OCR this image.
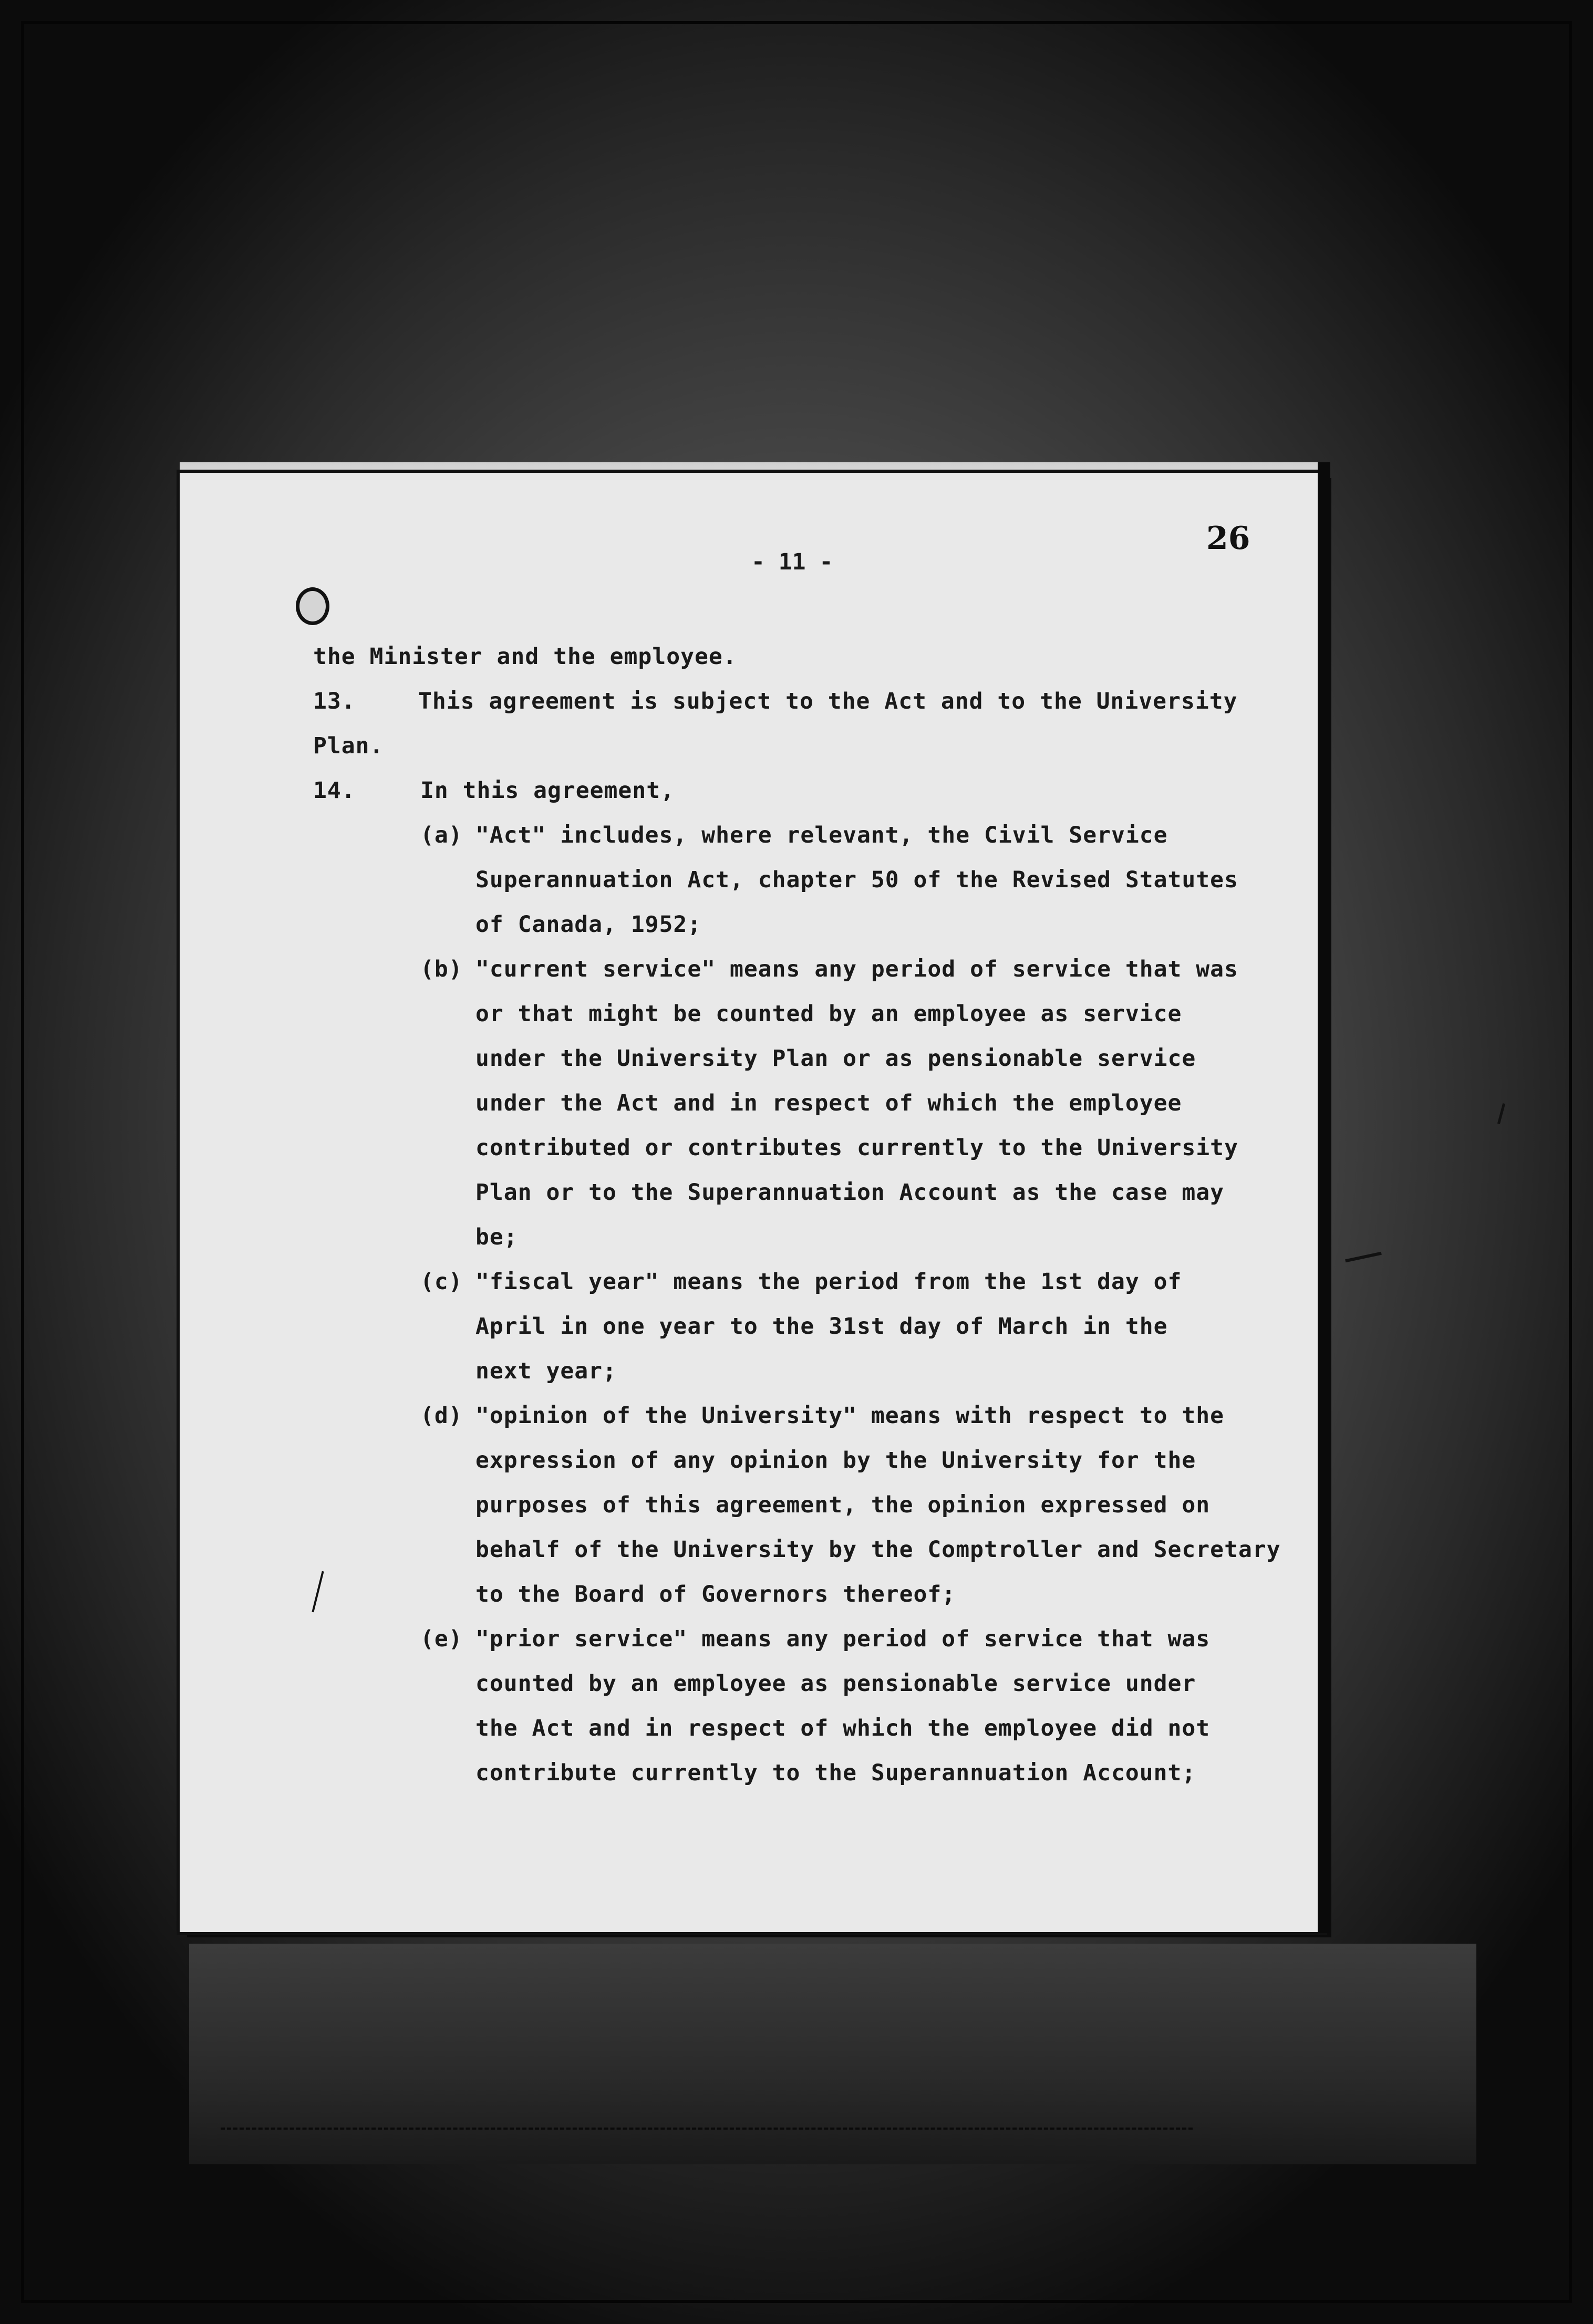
26
- 11 -
the Minister and the employee.
13.	This agreement is subject to the Act and to the University
Plan.
14.	In this agreement,
(a) "Act" includes, where relevant, the Civil Service
Superannuation Act, chapter 50 of the Revised Statutes
of Canada, 1952;
(b) "current service" means any period of service that was
or that might be counted by an employee as service
under the University Plan or as pensionable service
under the Act and in respect of which the employee
contributed or contributes currently to the University
Plan or to the Superannuation Account as the case may
be;
(c) "fiscal year" means the period from the 1st day of
April in one year to the 31st day of March in the
next year;
(d) "opinion of the University" means with respect to the
expression of any opinion by the University for the
purposes of this agreement, the opinion expressed on
behalf of the University by the Comptroller and Secretary
to the Board of Governors thereof;
(e) "prior service" means any period of service that was
counted by an employee as pensionable service under
the Act and in respect of which the employee did not
contribute currently to the Superannuation Account;
